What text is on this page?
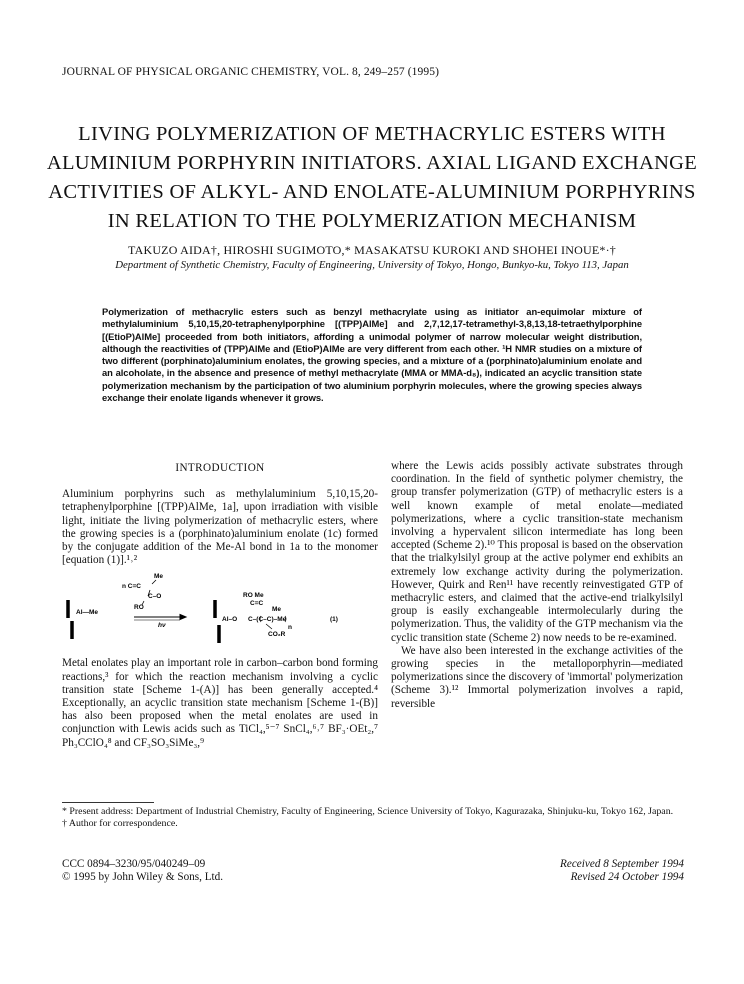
JOURNAL OF PHYSICAL ORGANIC CHEMISTRY, VOL. 8, 249–257 (1995)
LIVING POLYMERIZATION OF METHACRYLIC ESTERS WITH
ALUMINIUM PORPHYRIN INITIATORS. AXIAL LIGAND EXCHANGE
ACTIVITIES OF ALKYL- AND ENOLATE-ALUMINIUM PORPHYRINS
IN RELATION TO THE POLYMERIZATION MECHANISM
TAKUZO AIDA†, HIROSHI SUGIMOTO,* MASAKATSU KUROKI AND SHOHEI INOUE*·†
Department of Synthetic Chemistry, Faculty of Engineering, University of Tokyo, Hongo, Bunkyo-ku, Tokyo 113, Japan
Polymerization of methacrylic esters such as benzyl methacrylate using as initiator an-equimolar mixture of methylaluminium 5,10,15,20-tetraphenylporphine [(TPP)AlMe] and 2,7,12,17-tetramethyl-3,8,13,18-tetraethylporphine [(EtioP)AlMe] proceeded from both initiators, affording a unimodal polymer of narrow molecular weight distribution, although the reactivities of (TPP)AlMe and (EtioP)AlMe are very different from each other. ¹H NMR studies on a mixture of two different (porphinato)aluminium enolates, the growing species, and a mixture of a (porphinato)aluminium enolate and an alcoholate, in the absence and presence of methyl methacrylate (MMA or MMA-d₈), indicated an acyclic transition state polymerization mechanism by the participation of two aluminium porphyrin molecules, where the growing species always exchange their enolate ligands whenever it grows.
INTRODUCTION

Aluminium porphyrins such as methylaluminium 5,10,15,20-tetraphenylporphine [(TPP)AlMe, 1a], upon irradiation with visible light, initiate the living polymerization of methacrylic esters, where the growing species is a (porphinato)aluminium enolate (1c) formed by the conjugate addition of the Me-Al bond in 1a to the monomer [equation (1)].¹˒²

Me
n C=C
C–O
RO
Al—Me
hν
RO Me
C=C
Me
Al–O C–(C–C)–Me
n
CO₂R
(1)

Metal enolates play an important role in carbon–carbon bond forming reactions,³ for which the reaction mechanism involving a cyclic transition state [Scheme 1-(A)] has been generally accepted.⁴ Exceptionally, an acyclic transition state mechanism [Scheme 1-(B)] has also been proposed when the metal enolates are used in conjunction with Lewis acids such as TiCl₄,⁵⁻⁷ SnCl₄,⁶˒⁷ BF₃·OEt₂,⁷ Ph₃CClO₄⁸ and CF₃SO₃SiMe₃,⁹

where the Lewis acids possibly activate substrates through coordination. In the field of synthetic polymer chemistry, the group transfer polymerization (GTP) of methacrylic esters is a well known example of metal enolate—mediated polymerizations, where a cyclic transition-state mechanism involving a hypervalent silicon intermediate has long been accepted (Scheme 2).¹⁰ This proposal is based on the observation that the trialkylsilyl group at the active polymer end exhibits an extremely low exchange activity during the polymerization. However, Quirk and Ren¹¹ have recently reinvestigated GTP of methacrylic esters, and claimed that the active-end trialkylsilyl group is easily exchangeable intermolecularly during the polymerization. Thus, the validity of the GTP mechanism via the cyclic transition state (Scheme 2) now needs to be re-examined.

We have also been interested in the exchange activities of the growing species in the metalloporphyrin—mediated polymerizations since the discovery of 'immortal' polymerization (Scheme 3).¹² Immortal polymerization involves a rapid, reversible

* Present address: Department of Industrial Chemistry, Faculty of Engineering, Science University of Tokyo, Kagurazaka, Shinjuku-ku, Tokyo 162, Japan.
† Author for correspondence.
CCC 0894–3230/95/040249–09
© 1995 by John Wiley & Sons, Ltd.
Received 8 September 1994
Revised 24 October 1994
